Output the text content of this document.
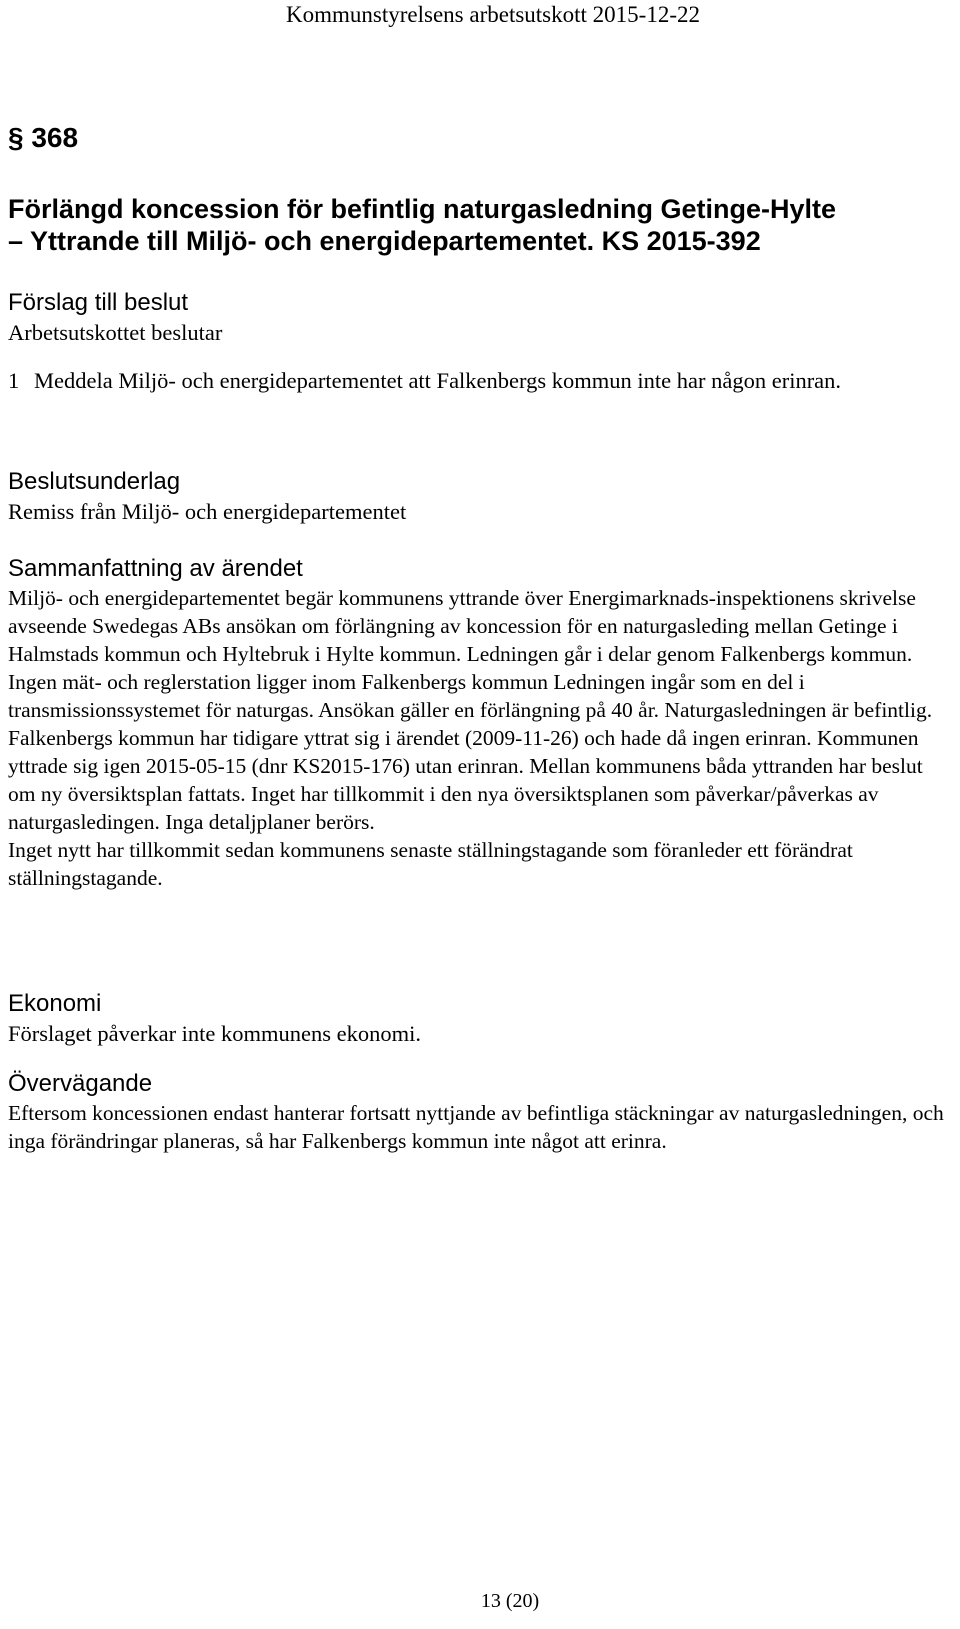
Kommunstyrelsens arbetsutskott 2015-12-22
§ 368
Förlängd koncession för befintlig naturgasledning Getinge-Hylte
– Yttrande till Miljö- och energidepartementet. KS 2015-392
Förslag till beslut
Arbetsutskottet beslutar
1 Meddela Miljö- och energidepartementet att Falkenbergs kommun inte har någon erinran.
Beslutsunderlag
Remiss från Miljö- och energidepartementet
Sammanfattning av ärendet
Miljö- och energidepartementet begär kommunens yttrande över Energimarknads-inspektionens skrivelse avseende Swedegas ABs ansökan om förlängning av koncession för en naturgasleding mellan Getinge i Halmstads kommun och Hyltebruk i Hylte kommun. Ledningen går i delar genom Falkenbergs kommun. Ingen mät- och reglerstation ligger inom Falkenbergs kommun Ledningen ingår som en del i transmissionssystemet för naturgas. Ansökan gäller en förlängning på 40 år. Naturgasledningen är befintlig. Falkenbergs kommun har tidigare yttrat sig i ärendet (2009-11-26) och hade då ingen erinran. Kommunen yttrade sig igen 2015-05-15 (dnr KS2015-176) utan erinran. Mellan kommunens båda yttranden har beslut om ny översiktsplan fattats. Inget har tillkommit i den nya översiktsplanen som påverkar/påverkas av naturgasledingen. Inga detaljplaner berörs.
Inget nytt har tillkommit sedan kommunens senaste ställningstagande som föranleder ett förändrat ställningstagande.
Ekonomi
Förslaget påverkar inte kommunens ekonomi.
Övervägande
Eftersom koncessionen endast hanterar fortsatt nyttjande av befintliga stäckningar av naturgasledningen, och inga förändringar planeras, så har Falkenbergs kommun inte något att erinra.
13 (20)
